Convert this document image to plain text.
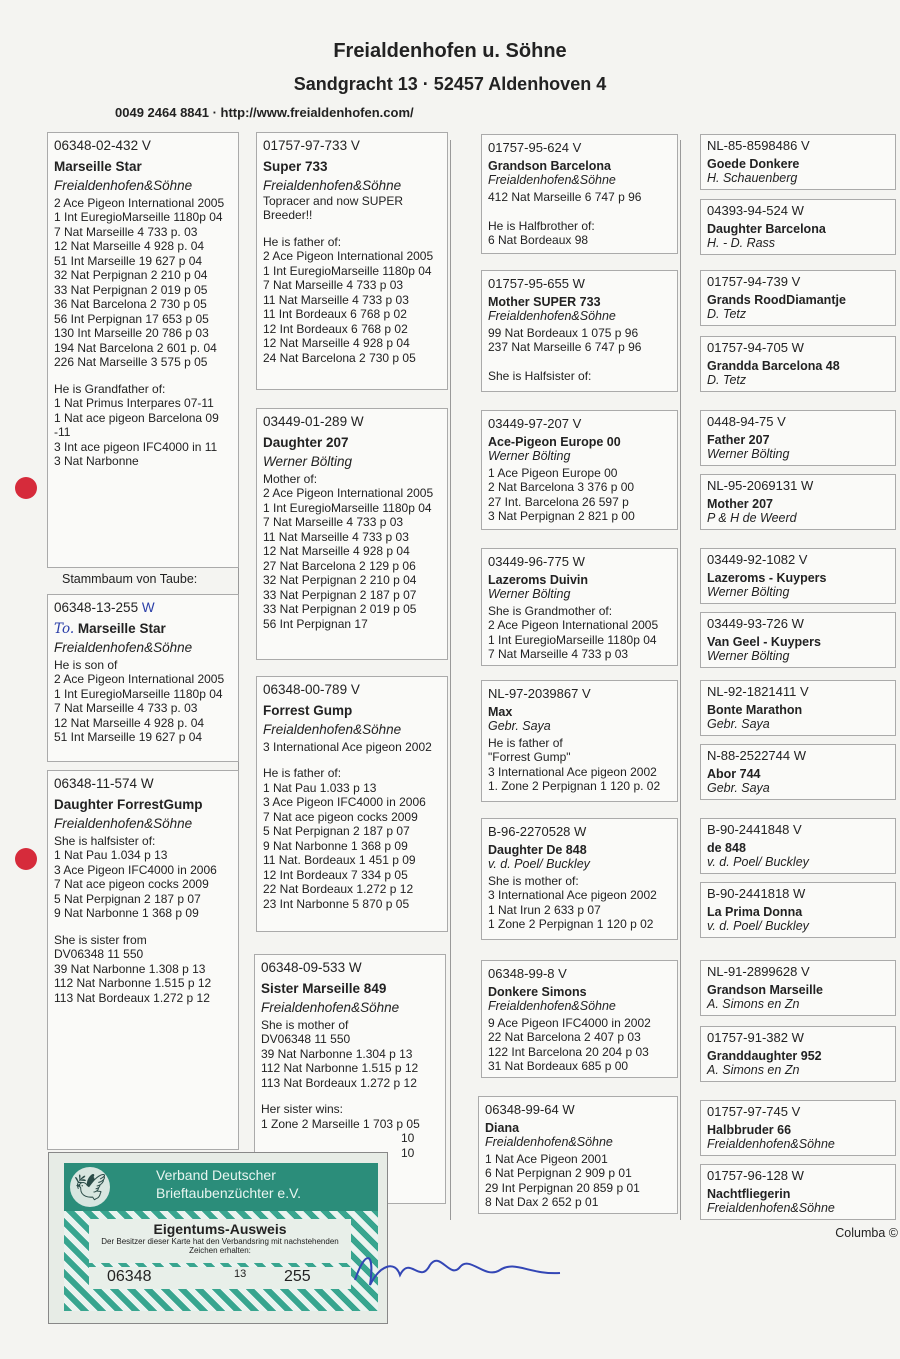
Freialdenhofen u. Söhne
Sandgracht 13 · 52457 Aldenhoven 4
0049 2464 8841 · http://www.freialdenhofen.com/
06348-02-432 V
Marseille Star
Freialdenhofen&Söhne
2 Ace Pigeon International 2005
1 Int EuregioMarseille 1180p 04
7 Nat Marseille 4 733 p. 03
12 Nat Marseille 4 928 p. 04
51 Int Marseille 19 627 p 04
32 Nat Perpignan 2 210 p 04
33 Nat Perpignan 2 019 p 05
36 Nat Barcelona 2 730 p 05
56 Int Perpignan 17 653 p 05
130 Int Marseille 20 786 p 03
194 Nat Barcelona 2 601 p. 04
226 Nat Marseille 3 575 p 05
He is Grandfather of:
1 Nat Primus Interpares 07-11
1 Nat ace pigeon Barcelona 09
-11
3 Int ace pigeon IFC4000 in 11
3 Nat Narbonne
Stammbaum von Taube:
06348-13-255 W
To. Marseille Star
Freialdenhofen&Söhne
He is son of
2 Ace Pigeon International 2005
1 Int EuregioMarseille 1180p 04
7 Nat Marseille 4 733 p. 03
12 Nat Marseille 4 928 p. 04
51 Int Marseille 19 627 p 04
06348-11-574 W
Daughter ForrestGump
Freialdenhofen&Söhne
She is halfsister of:
1 Nat Pau 1.034 p 13
3 Ace Pigeon IFC4000 in 2006
7 Nat ace pigeon cocks 2009
5 Nat Perpignan 2 187 p 07
9 Nat Narbonne 1 368 p 09
She is sister from
DV06348 11 550
39 Nat Narbonne 1.308 p 13
112 Nat Narbonne 1.515 p 12
113 Nat Bordeaux 1.272 p 12
01757-97-733 V
Super 733
Freialdenhofen&Söhne
Topracer and now SUPER
Breeder!!
He is father of:
2 Ace Pigeon International 2005
1 Int EuregioMarseille 1180p 04
7 Nat Marseille 4 733 p 03
11 Nat Marseille 4 733 p 03
11 Int Bordeaux 6 768 p 02
12 Int Bordeaux 6 768 p 02
12 Nat Marseille 4 928 p 04
24 Nat Barcelona 2 730 p 05
03449-01-289 W
Daughter 207
Werner Bölting
Mother of:
2 Ace Pigeon International 2005
1 Int EuregioMarseille 1180p 04
7 Nat Marseille 4 733 p 03
11 Nat Marseille 4 733 p 03
12 Nat Marseille 4 928 p 04
27 Nat Barcelona 2 129 p 06
32 Nat Perpignan 2 210 p 04
33 Nat Perpignan 2 187 p 07
33 Nat Perpignan 2 019 p 05
56 Int Perpignan 17
06348-00-789 V
Forrest Gump
Freialdenhofen&Söhne
3 International Ace pigeon 2002
He is father of:
1 Nat Pau 1.033 p 13
3 Ace Pigeon IFC4000 in 2006
7 Nat ace pigeon cocks 2009
5 Nat Perpignan 2 187 p 07
9 Nat Narbonne 1 368 p 09
11 Nat. Bordeaux 1 451 p 09
12 Int Bordeaux 7 334 p 05
22 Nat Bordeaux 1.272 p 12
23 Int Narbonne 5 870 p 05
06348-09-533 W
Sister Marseille 849
Freialdenhofen&Söhne
She is mother of
DV06348 11 550
39 Nat Narbonne 1.304 p 13
112 Nat Narbonne 1.515 p 12
113 Nat Bordeaux 1.272 p 12
Her sister wins:
1 Zone 2 Marseille 1 703 p 05
10
10
01757-95-624 V
Grandson Barcelona
Freialdenhofen&Söhne
412 Nat Marseille 6 747 p 96

He is Halfbrother of:
6 Nat Bordeaux 98
01757-95-655 W
Mother SUPER 733
Freialdenhofen&Söhne
99 Nat Bordeaux 1 075 p 96
237 Nat Marseille 6 747 p 96

She is Halfsister of:
03449-97-207 V
Ace-Pigeon Europe 00
Werner Bölting
1 Ace Pigeon Europe 00
2 Nat Barcelona 3 376 p 00
27 Int. Barcelona 26 597 p
3 Nat Perpignan 2 821 p 00
03449-96-775 W
Lazeroms Duivin
Werner Bölting
She is Grandmother of:
2 Ace Pigeon International 2005
1 Int EuregioMarseille 1180p 04
7 Nat Marseille 4 733 p 03
NL-97-2039867 V
Max
Gebr. Saya
He is father of
"Forrest Gump"
3 International Ace pigeon 2002
1. Zone 2 Perpignan 1 120 p. 02
B-96-2270528 W
Daughter De 848
v. d. Poel/ Buckley
She is mother of:
3 International Ace pigeon 2002
1 Nat Irun 2 633 p 07
1 Zone 2 Perpignan 1 120 p 02
06348-99-8 V
Donkere Simons
Freialdenhofen&Söhne
9 Ace Pigeon IFC4000 in 2002
22 Nat Barcelona 2 407 p 03
122 Int Barcelona 20 204 p 03
31 Nat Bordeaux 685 p 00
06348-99-64 W
Diana
Freialdenhofen&Söhne
1 Nat Ace Pigeon 2001
6 Nat Perpignan 2 909 p 01
29 Int Perpignan 20 859 p 01
8 Nat Dax 2 652 p 01
NL-85-8598486 V
Goede Donkere
H. Schauenberg
04393-94-524 W
Daughter Barcelona
H. - D. Rass
01757-94-739 V
Grands RoodDiamantje
D. Tetz
01757-94-705 W
Grandda Barcelona 48
D. Tetz
0448-94-75 V
Father 207
Werner Bölting
NL-95-2069131 W
Mother 207
P & H de Weerd
03449-92-1082 V
Lazeroms - Kuypers
Werner Bölting
03449-93-726 W
Van Geel - Kuypers
Werner Bölting
NL-92-1821411 V
Bonte Marathon
Gebr. Saya
N-88-2522744 W
Abor 744
Gebr. Saya
B-90-2441848 V
de 848
v. d. Poel/ Buckley
B-90-2441818 W
La Prima Donna
v. d. Poel/ Buckley
NL-91-2899628 V
Grandson Marseille
A. Simons en Zn
01757-91-382 W
Granddaughter 952
A. Simons en Zn
01757-97-745 V
Halbbruder 66
Freialdenhofen&Söhne
01757-96-128 W
Nachtfliegerin
Freialdenhofen&Söhne
Columba ©
🕊	Verband Deutscher
Brieftaubenzüchter e.V.
Eigentums-Ausweis
Der Besitzer dieser Karte hat den Verbandsring mit nachstehenden Zeichen erhalten:
06348	13 255
